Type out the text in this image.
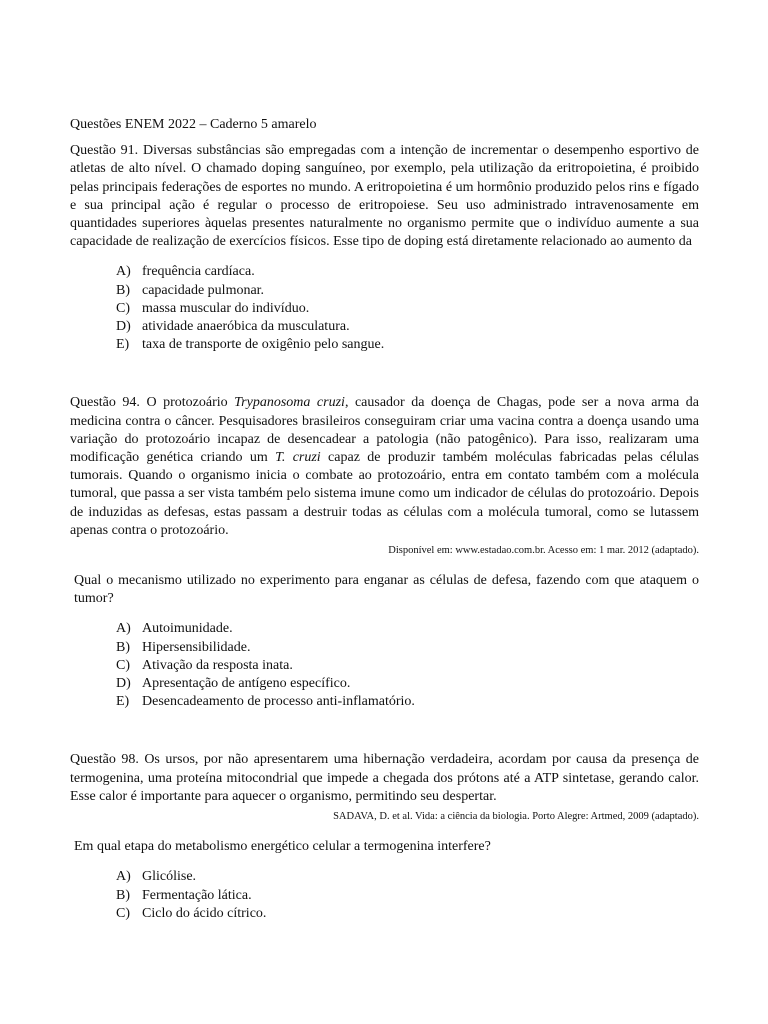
Questões ENEM 2022 – Caderno 5 amarelo

Questão 91. Diversas substâncias são empregadas com a intenção de incrementar o desempenho esportivo de atletas de alto nível. O chamado doping sanguíneo, por exemplo, pela utilização da eritropoietina, é proibido pelas principais federações de esportes no mundo. A eritropoietina é um hormônio produzido pelos rins e fígado e sua principal ação é regular o processo de eritropoiese. Seu uso administrado intravenosamente em quantidades superiores àquelas presentes naturalmente no organismo permite que o indivíduo aumente a sua capacidade de realização de exercícios físicos. Esse tipo de doping está diretamente relacionado ao aumento da

A) frequência cardíaca.
B) capacidade pulmonar.
C) massa muscular do indivíduo.
D) atividade anaeróbica da musculatura.
E) taxa de transporte de oxigênio pelo sangue.

Questão 94. O protozoário Trypanosoma cruzi, causador da doença de Chagas, pode ser a nova arma da medicina contra o câncer. Pesquisadores brasileiros conseguiram criar uma vacina contra a doença usando uma variação do protozoário incapaz de desencadear a patologia (não patogênico). Para isso, realizaram uma modificação genética criando um T. cruzi capaz de produzir também moléculas fabricadas pelas células tumorais. Quando o organismo inicia o combate ao protozoário, entra em contato também com a molécula tumoral, que passa a ser vista também pelo sistema imune como um indicador de células do protozoário. Depois de induzidas as defesas, estas passam a destruir todas as células com a molécula tumoral, como se lutassem apenas contra o protozoário.

Disponível em: www.estadao.com.br. Acesso em: 1 mar. 2012 (adaptado).

Qual o mecanismo utilizado no experimento para enganar as células de defesa, fazendo com que ataquem o tumor?

A) Autoimunidade.
B) Hipersensibilidade.
C) Ativação da resposta inata.
D) Apresentação de antígeno específico.
E) Desencadeamento de processo anti-inflamatório.

Questão 98. Os ursos, por não apresentarem uma hibernação verdadeira, acordam por causa da presença de termogenina, uma proteína mitocondrial que impede a chegada dos prótons até a ATP sintetase, gerando calor. Esse calor é importante para aquecer o organismo, permitindo seu despertar.

SADAVA, D. et al. Vida: a ciência da biologia. Porto Alegre: Artmed, 2009 (adaptado).

Em qual etapa do metabolismo energético celular a termogenina interfere?

A) Glicólise.
B) Fermentação lática.
C) Ciclo do ácido cítrico.
